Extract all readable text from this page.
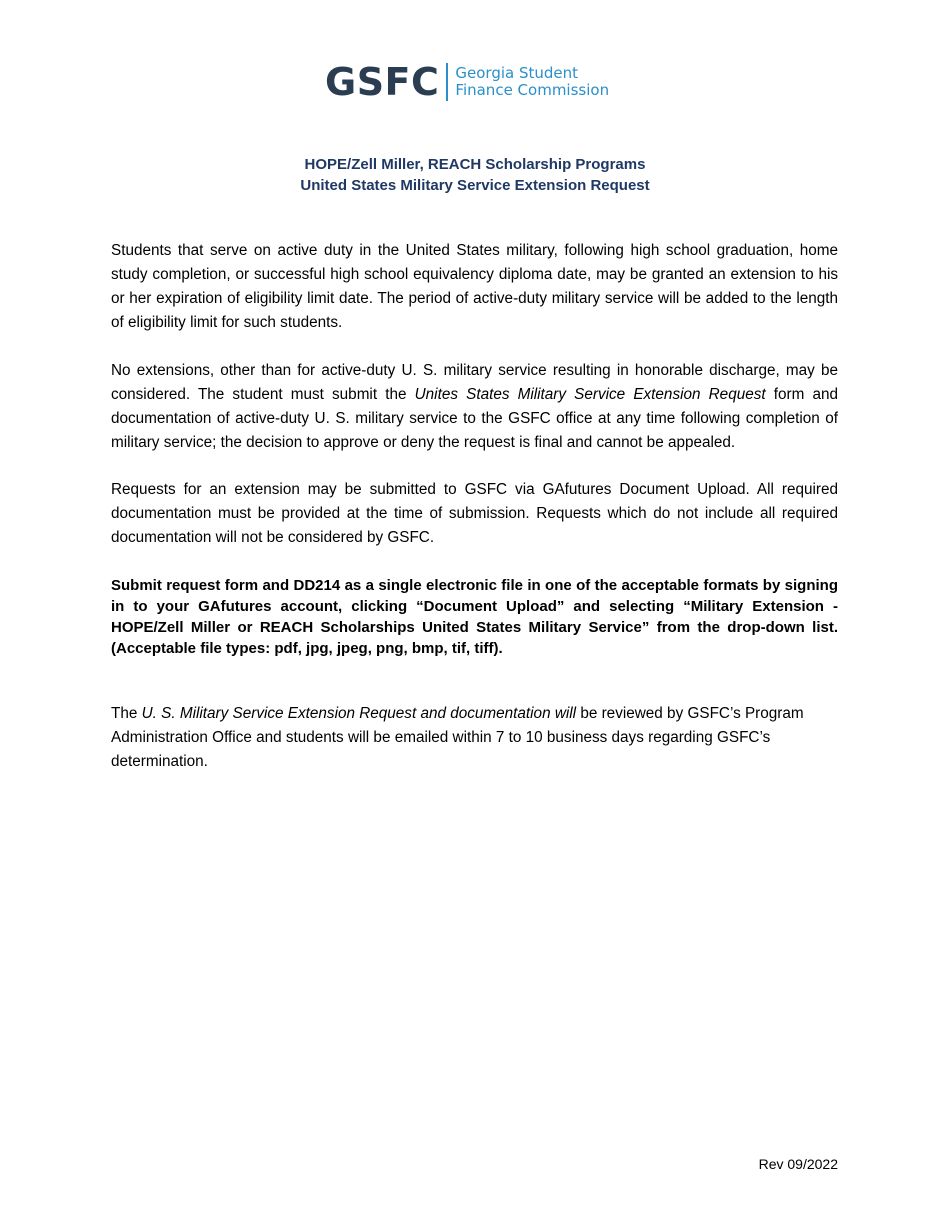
GSFC Georgia Student
Finance Commission
HOPE/Zell Miller, REACH Scholarship Programs
United States Military Service Extension Request

Students that serve on active duty in the United States military, following high school graduation, home study completion, or successful high school equivalency diploma date, may be granted an extension to his or her expiration of eligibility limit date. The period of active-duty military service will be added to the length of eligibility limit for such students.

No extensions, other than for active-duty U. S. military service resulting in honorable discharge, may be considered. The student must submit the Unites States Military Service Extension Request form and documentation of active-duty U. S. military service to the GSFC office at any time following completion of military service; the decision to approve or deny the request is final and cannot be appealed.

Requests for an extension may be submitted to GSFC via GAfutures Document Upload. All required documentation must be provided at the time of submission. Requests which do not include all required documentation will not be considered by GSFC.

Submit request form and DD214 as a single electronic file in one of the acceptable formats by signing in to your GAfutures account, clicking “Document Upload” and selecting “Military Extension - HOPE/Zell Miller or REACH Scholarships United States Military Service” from the drop-down list. (Acceptable file types: pdf, jpg, jpeg, png, bmp, tif, tiff).

The U. S. Military Service Extension Request and documentation will be reviewed by GSFC’s Program Administration Office and students will be emailed within 7 to 10 business days regarding GSFC’s determination.

Rev 09/2022
